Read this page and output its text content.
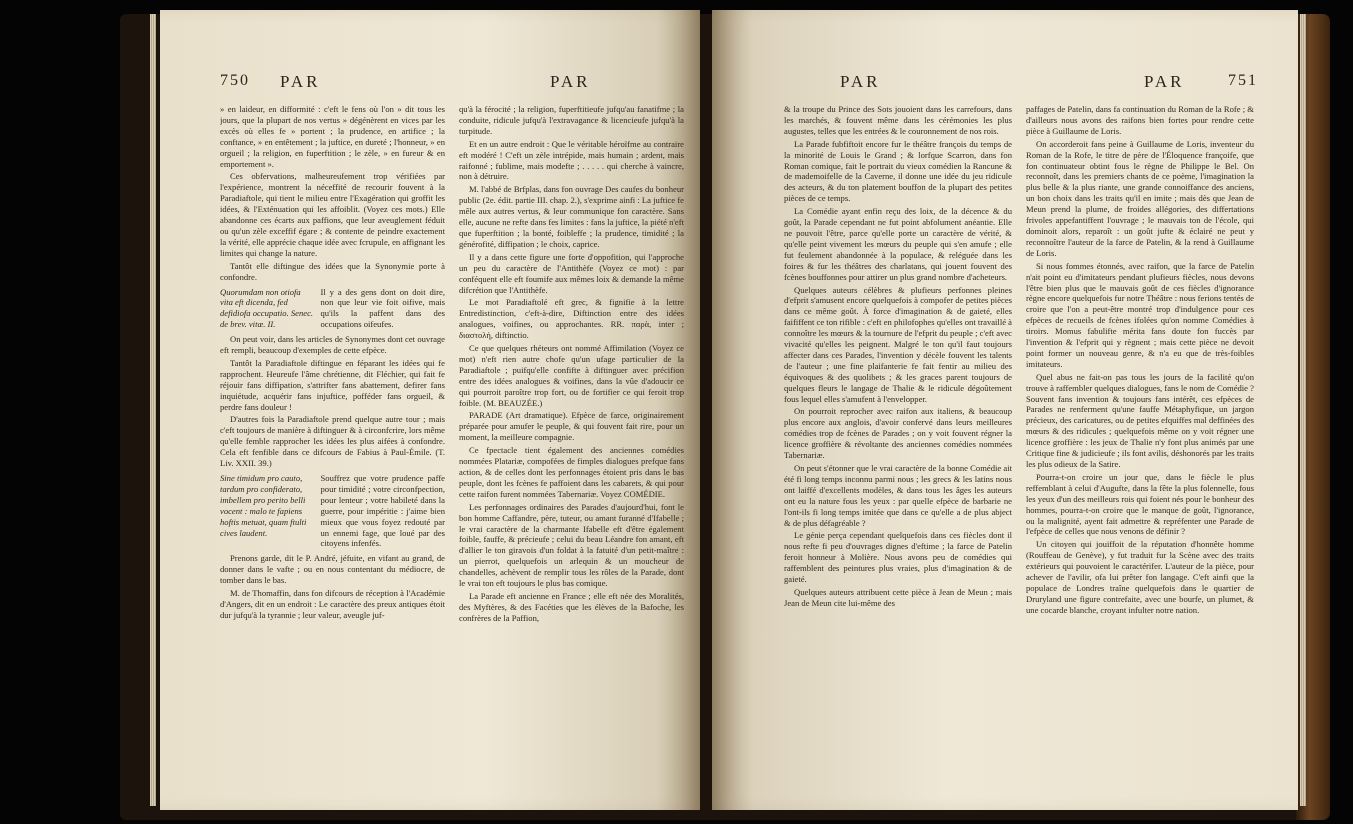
750 PAR	PAR

» en laideur, en difformité : c'eft le fens où l'on » dit tous les jours, que la plupart de nos vertus » dégénèrent en vices par les excès où elles fe » portent ; la prudence, en artifice ; la conftance, » en entêtement ; la juftice, en dureté ; l'honneur, » en orgueil ; la religion, en fuperftition ; le zèle, » en fureur & en emportement ».

Ces obfervations, malheureufement trop vérifiées par l'expérience, montrent la néceffité de recourir fouvent à la Paradiaftole, qui tient le milieu entre l'Exagération qui groffit les idées, & l'Exténuation qui les affoiblit. (Voyez ces mots.) Elle abandonne ces écarts aux paffions, que leur aveuglement féduit ou qu'un zèle exceffif égare ; & contente de peindre exactement la vérité, elle apprécie chaque idée avec fcrupule, en affignant les limites qui change la nature.

Tantôt elle diftingue des idées que la Synonymie porte à confondre.

Quorumdam non otiofa vita eft dicenda, fed defidiofa occupatio. Senec. de brev. vitæ. II.
Il y a des gens dont on doit dire, non que leur vie foit oifive, mais qu'ils la paffent dans des occupations oifeufes.

On peut voir, dans les articles de Synonymes dont cet ouvrage eft rempli, beaucoup d'exemples de cette efpèce.

Tantôt la Paradiaftole diftingue en féparant les idées qui fe rapprochent. Heureufe l'âme chrétienne, dit Fléchier, qui fait fe réjouir fans diffipation, s'attrifter fans abattement, defirer fans inquiétude, acquérir fans injuftice, pofféder fans orgueil, & perdre fans douleur !

D'autres fois la Paradiaftole prend quelque autre tour ; mais c'eft toujours de manière à diftinguer & à circonfcrire, lors même qu'elle femble rapprocher les idées les plus aifées à confondre. Cela eft fenfible dans ce difcours de Fabius à Paul-Émile. (T. Liv. XXII. 39.)

Sine timidum pro cauto, tardum pro confiderato, imbellem pro perito belli vocent : malo te fapiens hoftis metuat, quam ftulti cives laudent.
Souffrez que votre prudence paffe pour timidité ; votre circonfpection, pour lenteur ; votre habileté dans la guerre, pour impéritie : j'aime bien mieux que vous foyez redouté par un ennemi fage, que loué par des citoyens infenfés.

Prenons garde, dit le P. André, jéfuite, en vifant au grand, de donner dans le vafte ; ou en nous contentant du médiocre, de tomber dans le bas.

M. de Thomaffin, dans fon difcours de réception à l'Académie d'Angers, dit en un endroit : Le caractère des preux antiques étoit dur jufqu'à la tyrannie ; leur valeur, aveugle juf-

qu'à la férocité ; la religion, fuperftitieufe jufqu'au fanatifme ; la conduite, ridicule jufqu'à l'extravagance & licencieufe jufqu'à la turpitude.

Et en un autre endroit : Que le véritable héroïfme au contraire eft modéré ! C'eft un zèle intrépide, mais humain ; ardent, mais raifonné ; fublime, mais modefte ; . . . . . qui cherche à vaincre, non à détruire.

M. l'abbé de Brfplas, dans fon ouvrage Des caufes du bonheur public (2e. édit. partie III. chap. 2.), s'exprime ainfi : La juftice fe mêle aux autres vertus, & leur communique fon caractère. Sans elle, aucune ne refte dans fes limites : fans la juftice, la piété n'eft que fuperftition ; la bonté, foibleffe ; la prudence, timidité ; la générofité, diffipation ; le choix, caprice.

Il y a dans cette figure une forte d'oppofition, qui l'approche un peu du caractère de l'Antithèfe (Voyez ce mot) : par conféquent elle eft foumife aux mêmes loix & demande la même difcrétion que l'Antithèfe.

Le mot Paradiaftolé eft grec, & fignifie à la lettre Entredistinction, c'eft-à-dire, Diftinction entre des idées analogues, voifines, ou approchantes. RR. παρὰ, inter ; διαστολή, diftinctio.

Ce que quelques rhéteurs ont nommé Affimilation (Voyez ce mot) n'eft rien autre chofe qu'un ufage particulier de la Paradiaftole ; puifqu'elle confifte à diftinguer avec précifion entre des idées analogues & voifines, dans la vûe d'adoucir ce qui pourroit paroître trop fort, ou de fortifier ce qui feroit trop foible. (M. BEAUZÉE.)

PARADE (Art dramatique). Efpèce de farce, originairement préparée pour amufer le peuple, & qui fouvent fait rire, pour un moment, la meilleure compagnie.

Ce fpectacle tient également des anciennes comédies nommées Platariæ, compofées de fimples dialogues prefque fans action, & de celles dont les perfonnages étoient pris dans le bas peuple, dont les fcènes fe paffoient dans les cabarets, & qui pour cette raifon furent nommées Tabernariæ. Voyez COMÉDIE.

Les perfonnages ordinaires des Parades d'aujourd'hui, font le bon homme Caffandre, père, tuteur, ou amant furanné d'Ifabelle ; le vrai caractère de la charmante Ifabelle eft d'être également foible, fauffe, & précieufe ; celui du beau Léandre fon amant, eft d'allier le ton giravois d'un foldat à la fatuité d'un petit-maître : un pierrot, quelquefois un arlequin & un moucheur de chandelles, achèvent de remplir tous les rôles de la Parade, dont le vrai ton eft toujours le plus bas comique.

La Parade eft ancienne en France ; elle eft née des Moralités, des Myftères, & des Facéties que les élèves de la Bafoche, les confrères de la Paffion,

PAR	PAR	751

& la troupe du Prince des Sots jouoient dans les carrefours, dans les marchés, & fouvent même dans les cérémonies les plus augustes, telles que les entrées & le couronnement de nos rois.

La Parade fubfiftoit encore fur le théâtre françois du temps de la minorité de Louis le Grand ; & lorfque Scarron, dans fon Roman comique, fait le portrait du vieux comédien la Rancune & de mademoifelle de la Caverne, il donne une idée du jeu ridicule des acteurs, & du ton platement bouffon de la plupart des petites pièces de ce temps.

La Comédie ayant enfin reçu des loix, de la décence & du goût, la Parade cependant ne fut point abfolument anéantie. Elle ne pouvoit l'être, parce qu'elle porte un caractère de vérité, & qu'elle peint vivement les mœurs du peuple qui s'en amufe ; elle fut feulement abandonnée à la populace, & reléguée dans les foires & fur les théâtres des charlatans, qui jouent fouvent des fcènes bouffonnes pour attirer un plus grand nombre d'acheteurs.

Quelques auteurs célèbres & plufieurs perfonnes pleines d'efprit s'amusent encore quelquefois à compofer de petites pièces dans ce même goût. À force d'imagination & de gaieté, elles faififfent ce ton rifible : c'eft en philofophes qu'elles ont travaillé à connoître les mœurs & la tournure de l'efprit du peuple ; c'eft avec vivacité qu'elles les peignent. Malgré le ton qu'il faut toujours affecter dans ces Parades, l'invention y décèle fouvent les talents de l'auteur ; une fine plaifanterie fe fait fentir au milieu des équivoques & des quolibets ; & les graces parent toujours de quelques fleurs le langage de Thalie & le ridicule dégoûtement fous lequel elles s'amufent à l'envelopper.

On pourroit reprocher avec raifon aux italiens, & beaucoup plus encore aux anglois, d'avoir confervé dans leurs meilleures comédies trop de fcènes de Parades ; on y voit fouvent régner la licence groffière & révoltante des anciennes comédies nommées Tabernariæ.

On peut s'étonner que le vrai caractère de la bonne Comédie ait été fi long temps inconnu parmi nous ; les grecs & les latins nous ont laiffé d'excellents modèles, & dans tous les âges les auteurs ont eu la nature fous les yeux : par quelle efpèce de barbarie ne l'ont-ils fi long temps imitée que dans ce qu'elle a de plus abject & de plus défagréable ?

Le génie perça cependant quelquefois dans ces fiècles dont il nous refte fi peu d'ouvrages dignes d'eftime ; la farce de Patelin feroit honneur à Molière. Nous avons peu de comédies qui raffemblent des peintures plus vraies, plus d'imagination & de gaieté.

Quelques auteurs attribuent cette pièce à Jean de Meun ; mais Jean de Meun cite lui-même des

paffages de Patelin, dans fa continuation du Roman de la Rofe ; & d'ailleurs nous avons des raifons bien fortes pour rendre cette pièce à Guillaume de Loris.

On accorderoit fans peine à Guillaume de Loris, inventeur du Roman de la Rofe, le titre de père de l'Éloquence françoife, que fon continuateur obtint fous le règne de Philippe le Bel. On reconnoît, dans les premiers chants de ce poème, l'imagination la plus belle & la plus riante, une grande connoiffance des anciens, un bon choix dans les traits qu'il en imite ; mais dès que Jean de Meun prend la plume, de froides allégories, des differtations frivoles appefantiffent l'ouvrage ; le mauvais ton de l'école, qui dominoit alors, reparoît : un goût jufte & éclairé ne peut y reconnoître l'auteur de la farce de Patelin, & la rend à Guillaume de Loris.

Si nous fommes étonnés, avec raifon, que la farce de Patelin n'ait point eu d'imitateurs pendant plufieurs fiècles, nous devons l'être bien plus que le mauvais goût de ces fiècles d'ignorance règne encore quelquefois fur notre Théâtre : nous ferions tentés de croire que l'on a peut-être montré trop d'indulgence pour ces efpèces de recueils de fcènes ifolées qu'on nomme Comédies à tiroirs. Momus fabulifte mérita fans doute fon fuccès par l'invention & l'efprit qui y règnent ; mais cette pièce ne devoit point former un nouveau genre, & n'a eu que de très-foibles imitateurs.

Quel abus ne fait-on pas tous les jours de la facilité qu'on trouve à raffembler quelques dialogues, fans le nom de Comédie ? Souvent fans invention & toujours fans intérêt, ces efpèces de Parades ne renferment qu'une fauffe Métaphyfique, un jargon précieux, des caricatures, ou de petites efquiffes mal deffinées des mœurs & des ridicules ; quelquefois même on y voit régner une licence groffière : les jeux de Thalie n'y font plus animés par une Critique fine & judicieufe ; ils font avilis, déshonorés par les traits les plus odieux de la Satire.

Pourra-t-on croire un jour que, dans le fiècle le plus reffemblant à celui d'Augufte, dans la fête la plus folennelle, fous les yeux d'un des meilleurs rois qui foient nés pour le bonheur des hommes, pourra-t-on croire que le manque de goût, l'ignorance, ou la malignité, ayent fait admettre & repréfenter une Parade de l'efpèce de celles que nous venons de définir ?

Un citoyen qui jouiffoit de la réputation d'honnête homme (Rouffeau de Genève), y fut traduit fur la Scène avec des traits extérieurs qui pouvoient le caractérifer. L'auteur de la pièce, pour achever de l'avilir, ofa lui prêter fon langage. C'eft ainfi que la populace de Londres traîne quelquefois dans le quartier de Druryland une figure contrefaite, avec une bourfe, un plumet, & une cocarde blanche, croyant infulter notre nation.
